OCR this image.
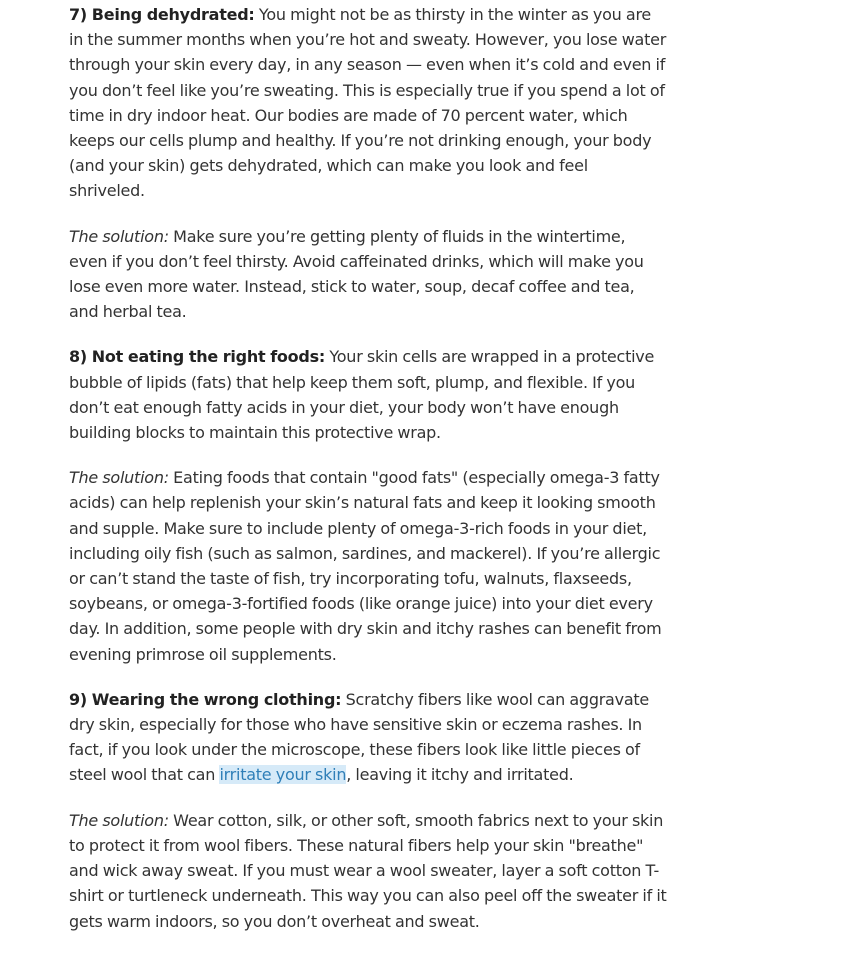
7) Being dehydrated: You might not be as thirsty in the winter as you are in the summer months when you’re hot and sweaty. However, you lose water through your skin every day, in any season — even when it’s cold and even if you don’t feel like you’re sweating. This is especially true if you spend a lot of time in dry indoor heat. Our bodies are made of 70 percent water, which keeps our cells plump and healthy. If you’re not drinking enough, your body (and your skin) gets dehydrated, which can make you look and feel shriveled.

The solution: Make sure you’re getting plenty of fluids in the wintertime, even if you don’t feel thirsty. Avoid caffeinated drinks, which will make you lose even more water. Instead, stick to water, soup, decaf coffee and tea, and herbal tea.

8) Not eating the right foods: Your skin cells are wrapped in a protective bubble of lipids (fats) that help keep them soft, plump, and flexible. If you don’t eat enough fatty acids in your diet, your body won’t have enough building blocks to maintain this protective wrap.

The solution: Eating foods that contain "good fats" (especially omega-3 fatty acids) can help replenish your skin’s natural fats and keep it looking smooth and supple. Make sure to include plenty of omega-3-rich foods in your diet, including oily fish (such as salmon, sardines, and mackerel). If you’re allergic or can’t stand the taste of fish, try incorporating tofu, walnuts, flaxseeds, soybeans, or omega-3-fortified foods (like orange juice) into your diet every day. In addition, some people with dry skin and itchy rashes can benefit from evening primrose oil supplements.

9) Wearing the wrong clothing: Scratchy fibers like wool can aggravate dry skin, especially for those who have sensitive skin or eczema rashes. In fact, if you look under the microscope, these fibers look like little pieces of steel wool that can irritate your skin, leaving it itchy and irritated.

The solution: Wear cotton, silk, or other soft, smooth fabrics next to your skin to protect it from wool fibers. These natural fibers help your skin "breathe" and wick away sweat. If you must wear a wool sweater, layer a soft cotton T-shirt or turtleneck underneath. This way you can also peel off the sweater if it gets warm indoors, so you don’t overheat and sweat.
